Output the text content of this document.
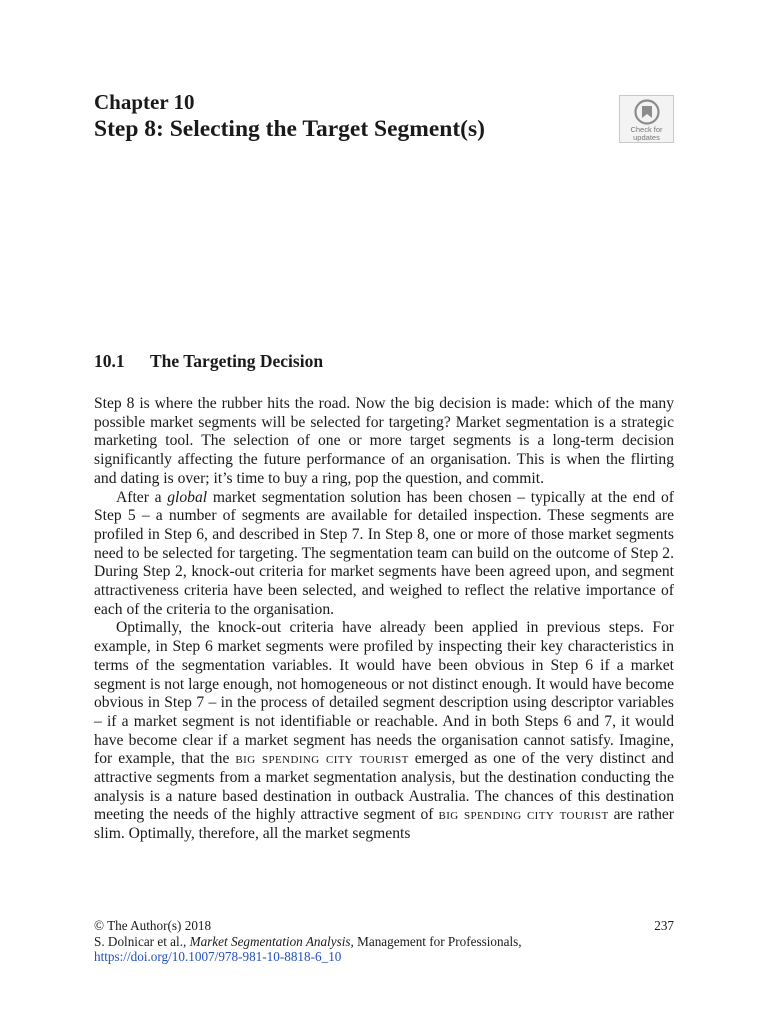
Chapter 10
Step 8: Selecting the Target Segment(s)	Check for
updates
10.1 The Targeting Decision

Step 8 is where the rubber hits the road. Now the big decision is made: which of the many possible market segments will be selected for targeting? Market segmentation is a strategic marketing tool. The selection of one or more target segments is a long-term decision significantly affecting the future performance of an organisation. This is when the flirting and dating is over; it’s time to buy a ring, pop the question, and commit.

After a global market segmentation solution has been chosen – typically at the end of Step 5 – a number of segments are available for detailed inspection. These segments are profiled in Step 6, and described in Step 7. In Step 8, one or more of those market segments need to be selected for targeting. The segmentation team can build on the outcome of Step 2. During Step 2, knock-out criteria for market segments have been agreed upon, and segment attractiveness criteria have been selected, and weighed to reflect the relative importance of each of the criteria to the organisation.

Optimally, the knock-out criteria have already been applied in previous steps. For example, in Step 6 market segments were profiled by inspecting their key characteristics in terms of the segmentation variables. It would have been obvious in Step 6 if a market segment is not large enough, not homogeneous or not distinct enough. It would have become obvious in Step 7 – in the process of detailed segment description using descriptor variables – if a market segment is not identifiable or reachable. And in both Steps 6 and 7, it would have become clear if a market segment has needs the organisation cannot satisfy. Imagine, for example, that the big spending city tourist emerged as one of the very distinct and attractive segments from a market segmentation analysis, but the destination conducting the analysis is a nature based destination in outback Australia. The chances of this destination meeting the needs of the highly attractive segment of big spending city tourist are rather slim. Optimally, therefore, all the market segments

© The Author(s) 2018	237
S. Dolnicar et al., Market Segmentation Analysis, Management for Professionals,
https://doi.org/10.1007/978-981-10-8818-6_10
